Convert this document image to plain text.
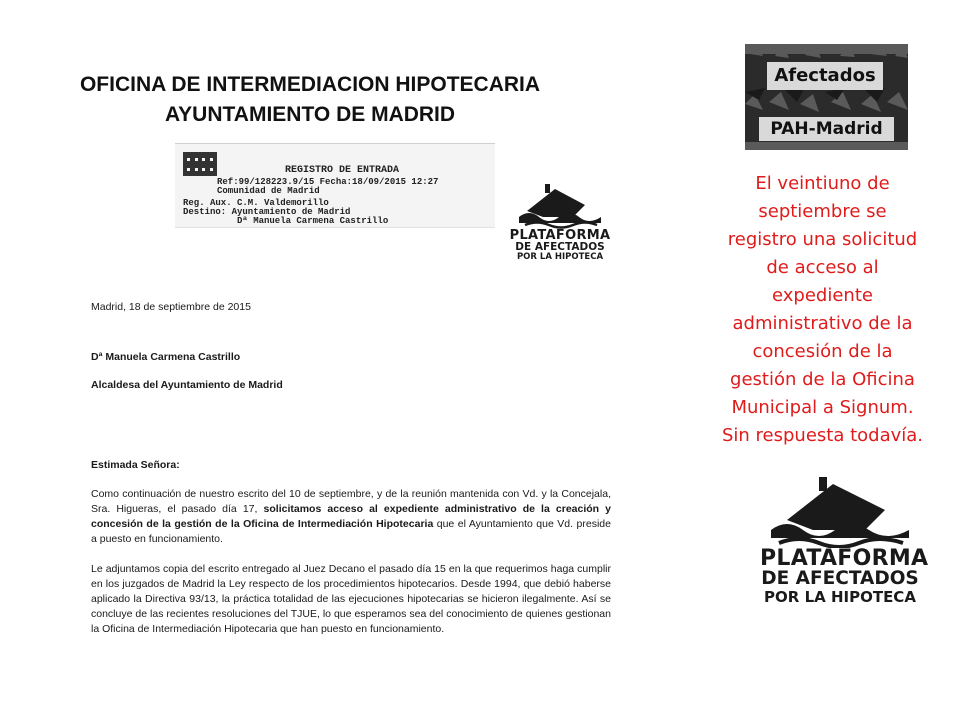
OFICINA DE INTERMEDIACION HIPOTECARIA
AYUNTAMIENTO DE MADRID
REGISTRO DE ENTRADA
Ref:99/128223.9/15 Fecha:18/09/2015 12:27
Comunidad de Madrid
Reg. Aux. C.M. Valdemorillo
Destino: Ayuntamiento de Madrid
Dª Manuela Carmena Castrillo
PLATAFORMA
DE AFECTADOS
POR LA HIPOTECA
Madrid, 18 de septiembre de 2015
Dª Manuela Carmena Castrillo
Alcaldesa del Ayuntamiento de Madrid
Estimada Señora:
Como continuación de nuestro escrito del 10 de septiembre, y de la reunión mantenida con Vd. y la Concejala, Sra. Higueras, el pasado día 17, solicitamos acceso al expediente administrativo de la creación y concesión de la gestión de la Oficina de Intermediación Hipotecaria que el Ayuntamiento que Vd. preside a puesto en funcionamiento.
Le adjuntamos copia del escrito entregado al Juez Decano el pasado día 15 en la que requerimos haga cumplir en los juzgados de Madrid la Ley respecto de los procedimientos hipotecarios. Desde 1994, que debió haberse aplicado la Directiva 93/13, la práctica totalidad de las ejecuciones hipotecarias se hicieron ilegalmente. Así se concluye de las recientes resoluciones del TJUE, lo que esperamos sea del conocimiento de quienes gestionan la Oficina de Intermediación Hipotecaria que han puesto en funcionamiento.
Afectados
PAH-Madrid
El veintiuno de
septiembre se
registro una solicitud
de acceso al
expediente
administrativo de la
concesión de la
gestión de la Oficina
Municipal a Signum.
Sin respuesta todavía.
PLATAFORMA
DE AFECTADOS
POR LA HIPOTECA
